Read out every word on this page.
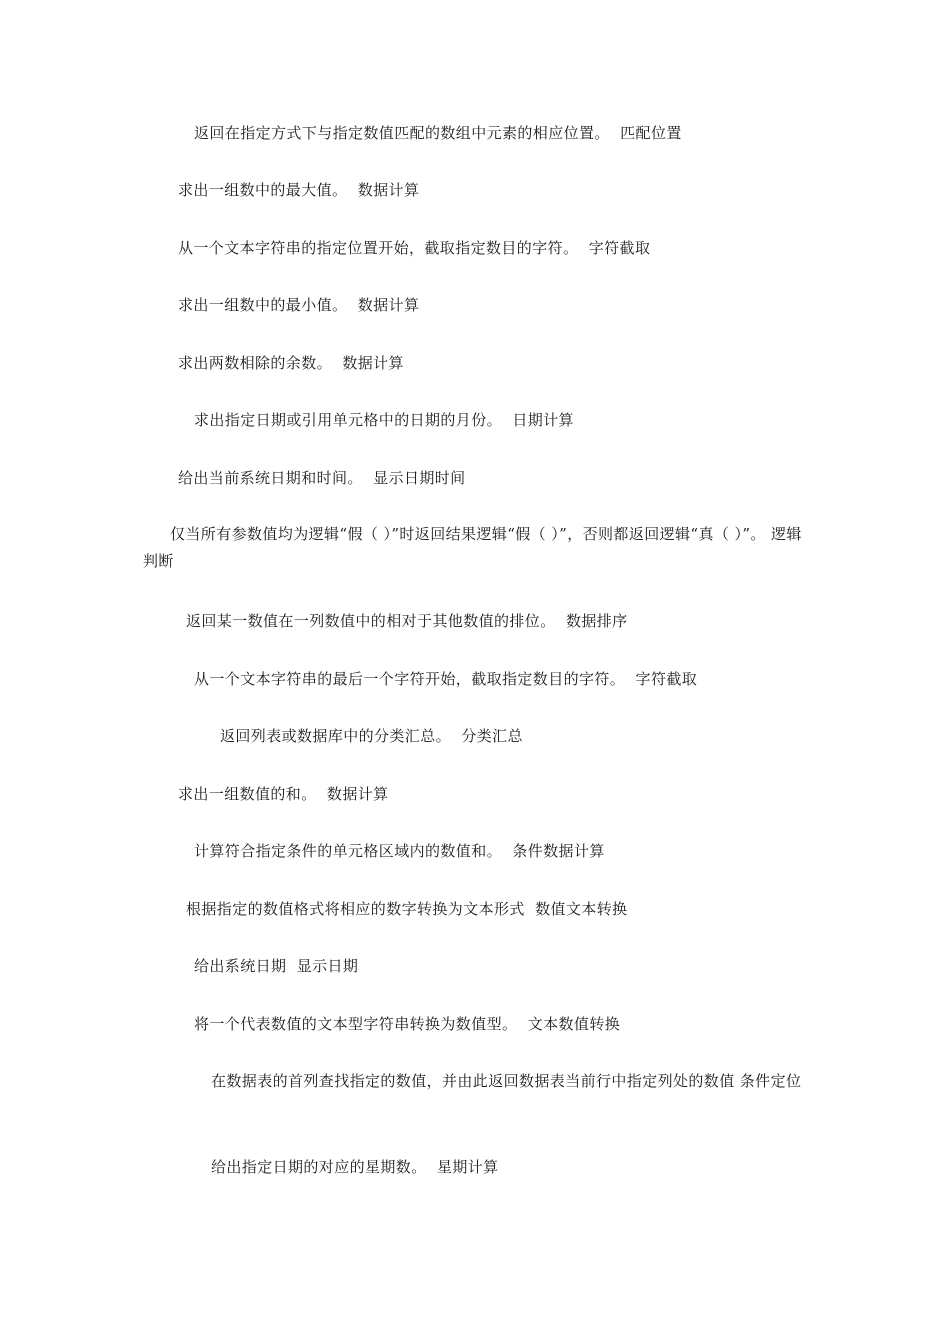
返回在指定方式下与指定数值匹配的数组中元素的相应位置。  匹配位置
求出一组数中的最大值。  数据计算
从一个文本字符串的指定位置开始，截取指定数目的字符。  字符截取
求出一组数中的最小值。  数据计算
求出两数相除的余数。  数据计算
求出指定日期或引用单元格中的日期的月份。  日期计算
给出当前系统日期和时间。  显示日期时间
仅当所有参数值均为逻辑“假（ ）”时返回结果逻辑“假（ ）”，否则都返回逻辑“真（ ）”。 逻辑判断
返回某一数值在一列数值中的相对于其他数值的排位。  数据排序
从一个文本字符串的最后一个字符开始，截取指定数目的字符。  字符截取
返回列表或数据库中的分类汇总。  分类汇总
求出一组数值的和。  数据计算
计算符合指定条件的单元格区域内的数值和。  条件数据计算
根据指定的数值格式将相应的数字转换为文本形式  数值文本转换
给出系统日期  显示日期
将一个代表数值的文本型字符串转换为数值型。  文本数值转换
在数据表的首列查找指定的数值，并由此返回数据表当前行中指定列处的数值 条件定位
给出指定日期的对应的星期数。  星期计算
